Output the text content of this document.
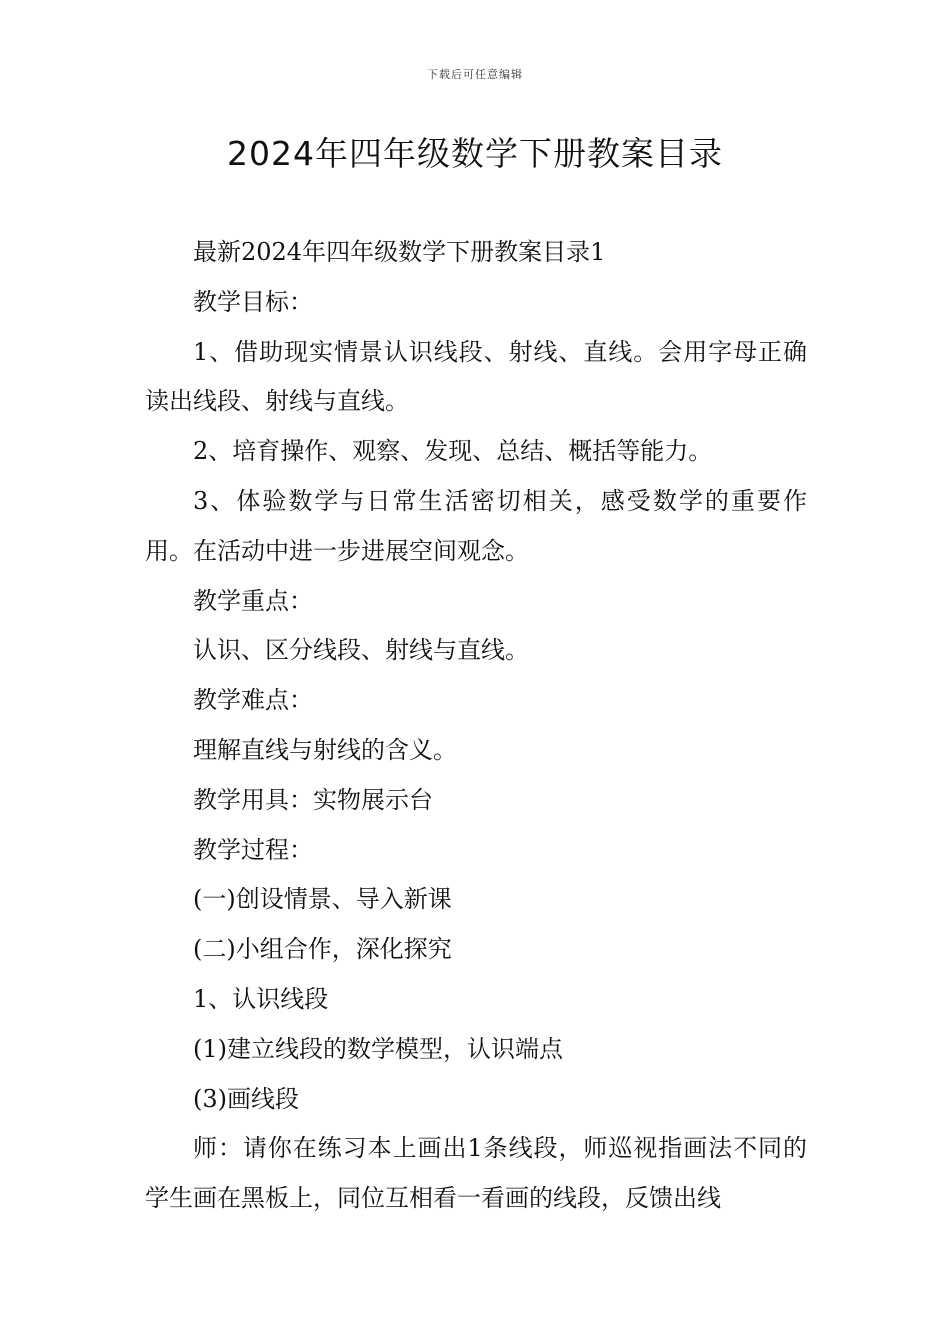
下载后可任意编辑
2024年四年级数学下册教案目录

最新2024年四年级数学下册教案目录1

教学目标：

1、借助现实情景认识线段、射线、直线。会用字母正确读出线段、射线与直线。

2、培育操作、观察、发现、总结、概括等能力。

3、体验数学与日常生活密切相关，感受数学的重要作用。在活动中进一步进展空间观念。

教学重点：

认识、区分线段、射线与直线。

教学难点：

理解直线与射线的含义。

教学用具：实物展示台

教学过程：

(一)创设情景、导入新课

(二)小组合作，深化探究

1、认识线段

(1)建立线段的数学模型，认识端点

(3)画线段

师：请你在练习本上画出1条线段，师巡视指画法不同的学生画在黑板上，同位互相看一看画的线段，反馈出线
